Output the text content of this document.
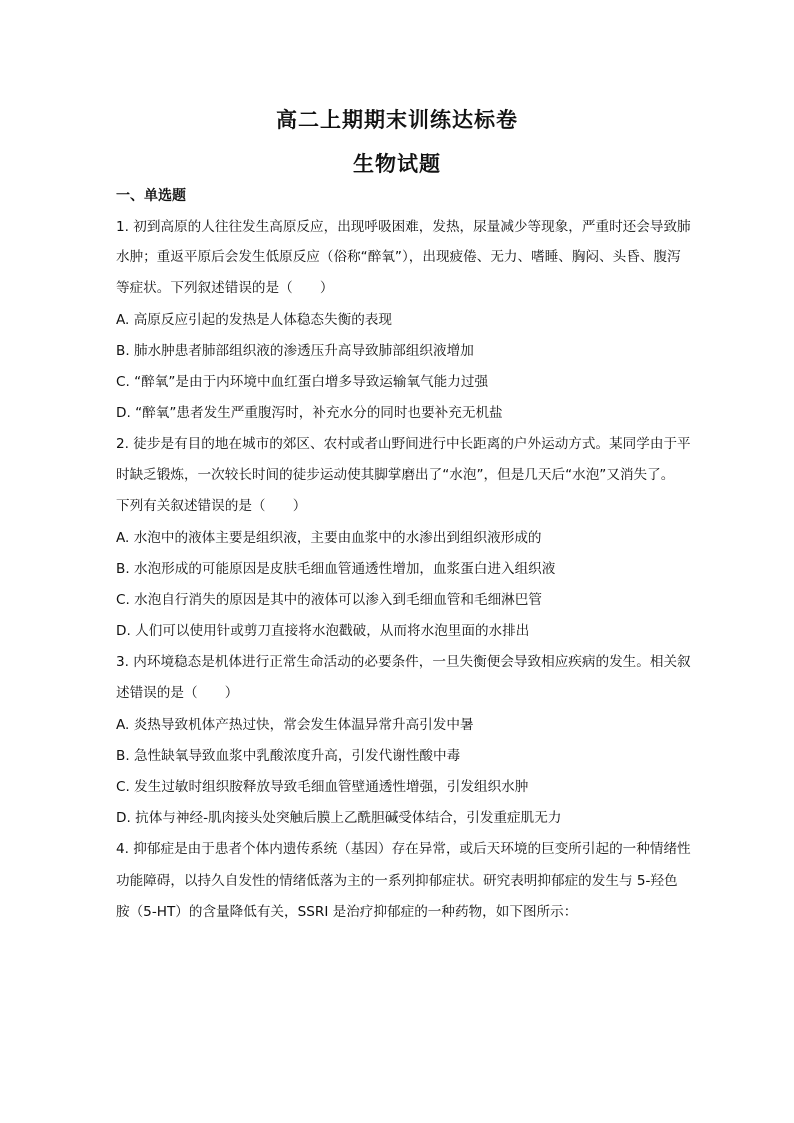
高二上期期末训练达标卷
生物试题
一、单选题
1. 初到高原的人往往发生高原反应，出现呼吸困难，发热，尿量减少等现象，严重时还会导致肺
水肿；重返平原后会发生低原反应（俗称“醉氧”），出现疲倦、无力、嗜睡、胸闷、头昏、腹泻
等症状。下列叙述错误的是（　　）
A. 高原反应引起的发热是人体稳态失衡的表现
B. 肺水肿患者肺部组织液的渗透压升高导致肺部组织液增加
C. “醉氧”是由于内环境中血红蛋白增多导致运输氧气能力过强
D. “醉氧”患者发生严重腹泻时，补充水分的同时也要补充无机盐
2. 徒步是有目的地在城市的郊区、农村或者山野间进行中长距离的户外运动方式。某同学由于平
时缺乏锻炼，一次较长时间的徒步运动使其脚掌磨出了“水泡”，但是几天后“水泡”又消失了。
下列有关叙述错误的是（　　）
A. 水泡中的液体主要是组织液，主要由血浆中的水渗出到组织液形成的
B. 水泡形成的可能原因是皮肤毛细血管通透性增加，血浆蛋白进入组织液
C. 水泡自行消失的原因是其中的液体可以渗入到毛细血管和毛细淋巴管
D. 人们可以使用针或剪刀直接将水泡戳破，从而将水泡里面的水排出
3. 内环境稳态是机体进行正常生命活动的必要条件，一旦失衡便会导致相应疾病的发生。相关叙
述错误的是（　　）
A. 炎热导致机体产热过快，常会发生体温异常升高引发中暑
B. 急性缺氧导致血浆中乳酸浓度升高，引发代谢性酸中毒
C. 发生过敏时组织胺释放导致毛细血管壁通透性增强，引发组织水肿
D. 抗体与神经-肌肉接头处突触后膜上乙酰胆碱受体结合，引发重症肌无力
4. 抑郁症是由于患者个体内遗传系统（基因）存在异常，或后天环境的巨变所引起的一种情绪性
功能障碍，以持久自发性的情绪低落为主的一系列抑郁症状。研究表明抑郁症的发生与 5-羟色
胺（5-HT）的含量降低有关，SSRI 是治疗抑郁症的一种药物，如下图所示：
